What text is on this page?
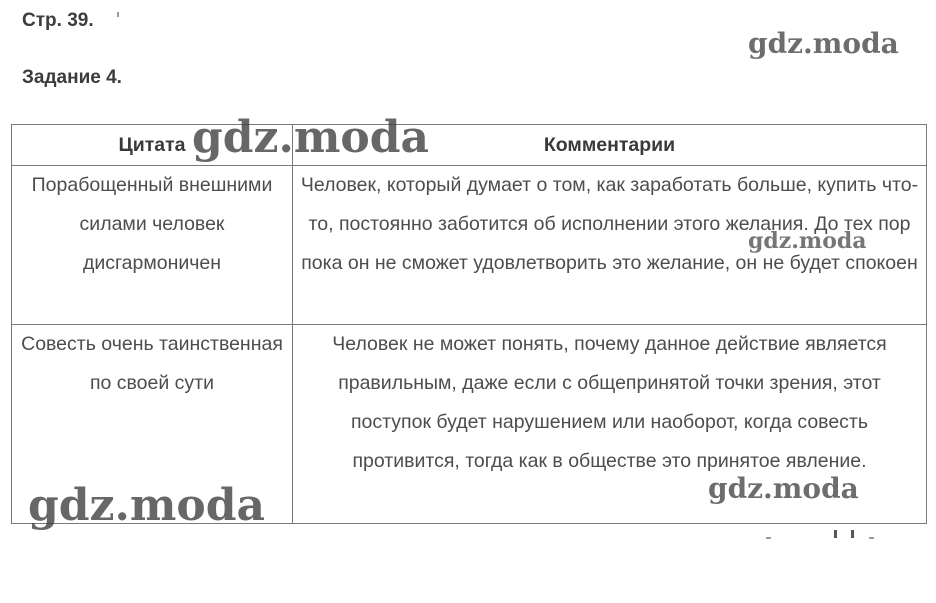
Стр. 39.
Задание 4.
Цитата	Комментарии
Порабощенный внешними силами человек дисгармоничен	Человек, который думает о том, как заработать больше, купить что-то, постоянно заботится об исполнении этого желания. До тех пор пока он не сможет удовлетворить это желание, он не будет спокоен
Совесть очень таинственная по своей сути	Человек не может понять, почему данное действие является правильным, даже если с общепринятой точки зрения, этот поступок будет нарушением или наоборот, когда совесть противится, тогда как в обществе это принятое явление.
gdz.moda
gdz.moda
gdz.moda
gdz.moda	gdz.moda
